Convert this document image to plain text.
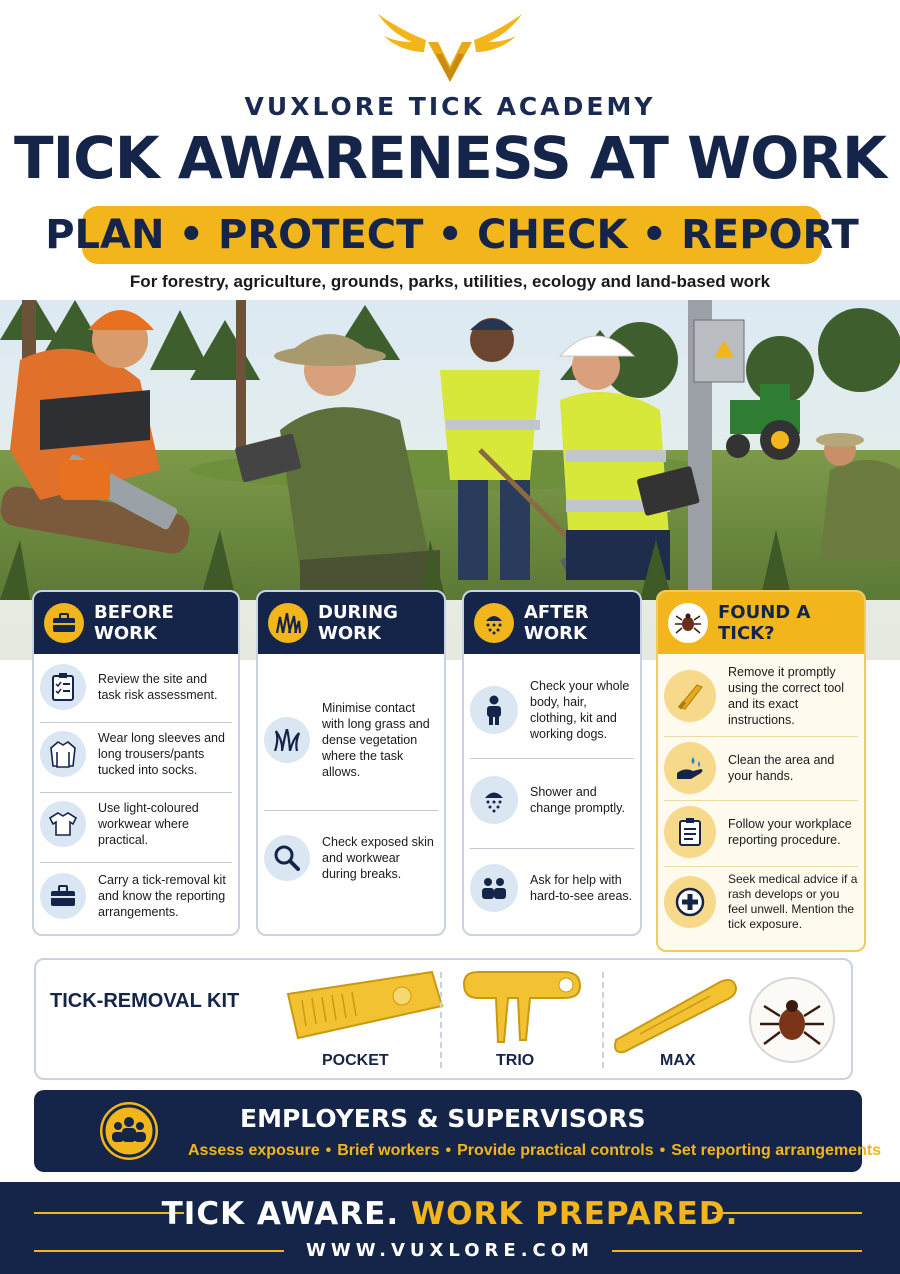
VUXLORE TICK ACADEMY
TICK AWARENESS AT WORK
PLAN • PROTECT • CHECK • REPORT
For forestry, agriculture, grounds, parks, utilities, ecology and land-based work
BEFORE WORK
Review the site and task risk assessment.
Wear long sleeves and long trousers/pants tucked into socks.
Use light-coloured workwear where practical.
Carry a tick-removal kit and know the reporting arrangements.
DURING WORK
Minimise contact with long grass and dense vegetation where the task allows.
Check exposed skin and workwear during breaks.
AFTER WORK
Check your whole body, hair, clothing, kit and working dogs.
Shower and change promptly.
Ask for help with hard-to-see areas.
FOUND A TICK?
Remove it promptly using the correct tool and its exact instructions.
Clean the area and your hands.
Follow your workplace reporting procedure.
Seek medical advice if a rash develops or you feel unwell. Mention the tick exposure.
TICK-REMOVAL KIT
POCKET	TRIO	MAX
EMPLOYERS & SUPERVISORS
Assess exposure • Brief workers • Provide practical controls • Set reporting arrangements
TICK AWARE. WORK PREPARED.
WWW.VUXLORE.COM
